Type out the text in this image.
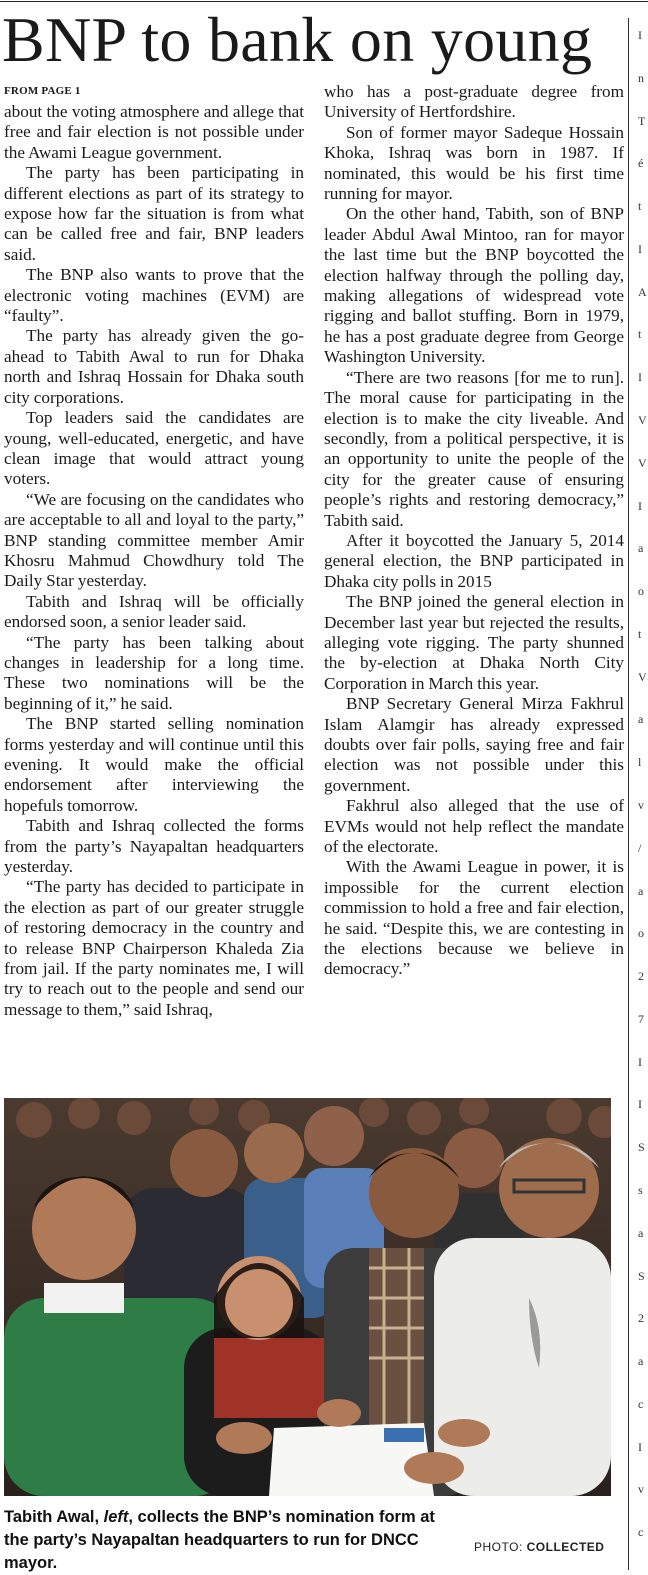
I
n
T
é
t
I
A
t
I
V
V
I
a
o
t
V
a
l
v
/
a
o
2
7
I
I
S
s
a
S
2
a
c
I
v
c
BNP to bank on young
FROM PAGE 1

about the voting atmosphere and allege that free and fair election is not possible under the Awami League government.

The party has been participating in different elections as part of its strategy to expose how far the situation is from what can be called free and fair, BNP leaders said.

The BNP also wants to prove that the electronic voting machines (EVM) are “faulty”.

The party has already given the go-ahead to Tabith Awal to run for Dhaka north and Ishraq Hossain for Dhaka south city corporations.

Top leaders said the candidates are young, well-educated, energetic, and have clean image that would attract young voters.

“We are focusing on the candidates who are acceptable to all and loyal to the party,” BNP standing committee member Amir Khosru Mahmud Chowdhury told The Daily Star yesterday.

Tabith and Ishraq will be officially endorsed soon, a senior leader said.

“The party has been talking about changes in leadership for a long time. These two nominations will be the beginning of it,” he said.

The BNP started selling nomination forms yesterday and will continue until this evening. It would make the official endorsement after interviewing the hopefuls tomorrow.

Tabith and Ishraq collected the forms from the party’s Nayapaltan headquarters yesterday.

“The party has decided to participate in the election as part of our greater struggle of restoring democracy in the country and to release BNP Chairperson Khaleda Zia from jail. If the party nominates me, I will try to reach out to the people and send our message to them,” said Ishraq,

who has a post-graduate degree from University of Hertfordshire.

Son of former mayor Sadeque Hossain Khoka, Ishraq was born in 1987. If nominated, this would be his first time running for mayor.

On the other hand, Tabith, son of BNP leader Abdul Awal Mintoo, ran for mayor the last time but the BNP boycotted the election halfway through the polling day, making allegations of widespread vote rigging and ballot stuffing. Born in 1979, he has a post graduate degree from George Washington University.

“There are two reasons [for me to run]. The moral cause for participating in the election is to make the city liveable. And secondly, from a political perspective, it is an opportunity to unite the people of the city for the greater cause of ensuring people’s rights and restoring democracy,” Tabith said.

After it boycotted the January 5, 2014 general election, the BNP participated in Dhaka city polls in 2015

The BNP joined the general election in December last year but rejected the results, alleging vote rigging. The party shunned the by-election at Dhaka North City Corporation in March this year.

BNP Secretary General Mirza Fakhrul Islam Alamgir has already expressed doubts over fair polls, saying free and fair election was not possible under this government.

Fakhrul also alleged that the use of EVMs would not help reflect the mandate of the electorate.

With the Awami League in power, it is impossible for the current election commission to hold a free and fair election, he said. “Despite this, we are contesting in the elections because we believe in democracy.”

Tabith Awal, left, collects the BNP’s nomination form at the party’s Nayapaltan headquarters to run for DNCC mayor.
PHOTO: COLLECTED
